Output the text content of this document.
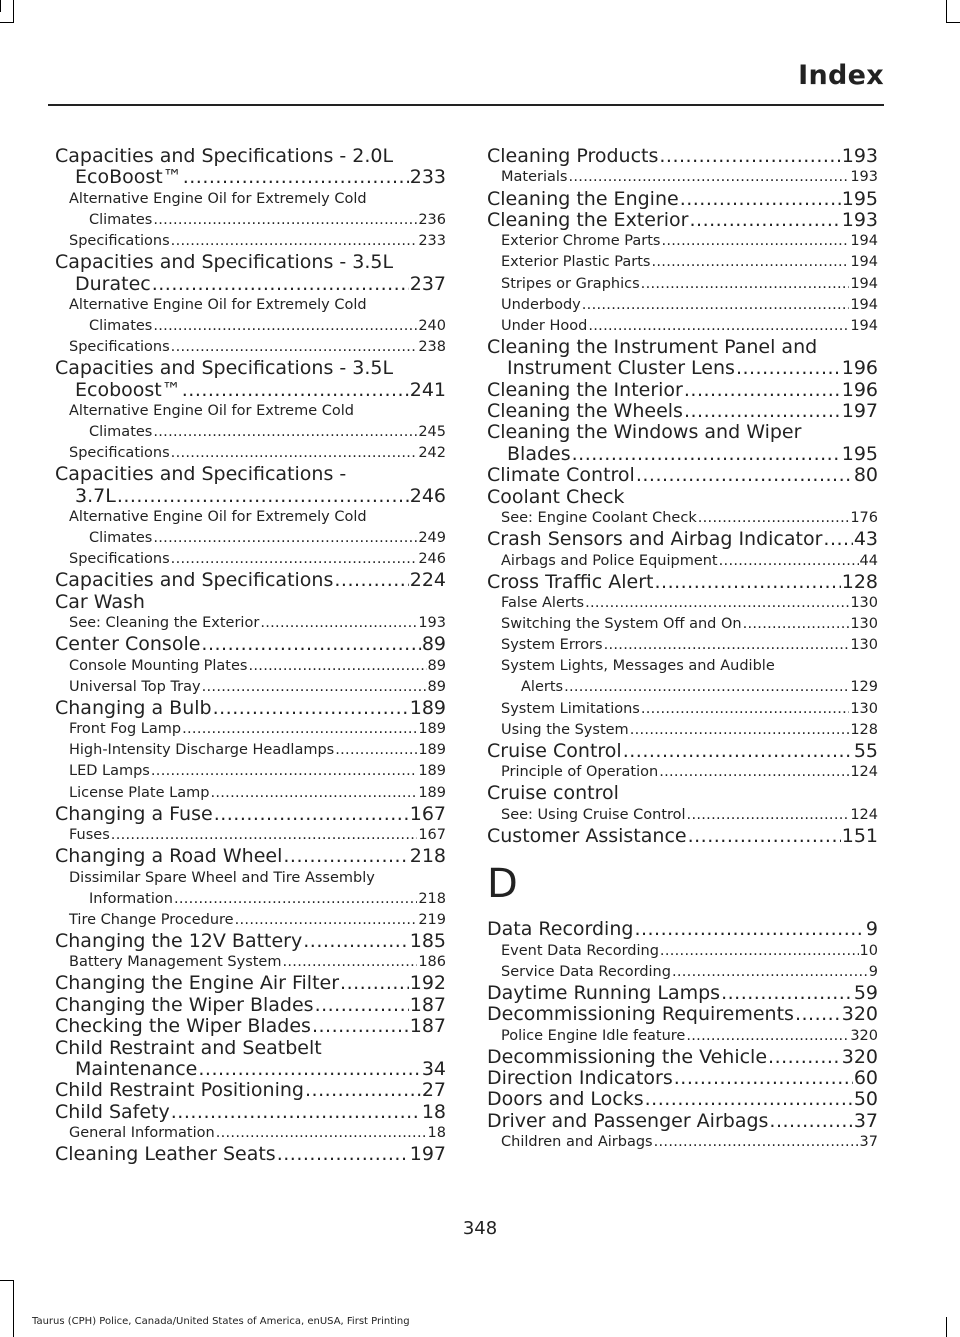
Index
Capacities and Specifications - 2.0L
EcoBoost™ .....	233
Alternative Engine Oil for Extremely Cold
Climates .....	236
Specifications .....	233
Capacities and Specifications - 3.5L
Duratec .....	237
Alternative Engine Oil for Extremely Cold
Climates .....	240
Specifications .....	238
Capacities and Specifications - 3.5L
Ecoboost™ .....	241
Alternative Engine Oil for Extreme Cold
Climates .....	245
Specifications .....	242
Capacities and Specifications -
3.7L .....	246
Alternative Engine Oil for Extremely Cold
Climates .....	249
Specifications .....	246
Capacities and Specifications .....	224
Car Wash
See: Cleaning the Exterior .....	193
Center Console .....	89
Console Mounting Plates .....	89
Universal Top Tray .....	89
Changing a Bulb .....	189
Front Fog Lamp .....	189
High-Intensity Discharge Headlamps .....	189
LED Lamps .....	189
License Plate Lamp .....	189
Changing a Fuse .....	167
Fuses .....	167
Changing a Road Wheel .....	218
Dissimilar Spare Wheel and Tire Assembly
Information .....	218
Tire Change Procedure .....	219
Changing the 12V Battery .....	185
Battery Management System .....	186
Changing the Engine Air Filter .....	192
Changing the Wiper Blades .....	187
Checking the Wiper Blades .....	187
Child Restraint and Seatbelt
Maintenance .....	34
Child Restraint Positioning .....	27
Child Safety .....	18
General Information .....	18
Cleaning Leather Seats .....	197
Cleaning Products .....	193
Materials .....	193
Cleaning the Engine .....	195
Cleaning the Exterior .....	193
Exterior Chrome Parts .....	194
Exterior Plastic Parts .....	194
Stripes or Graphics .....	194
Underbody .....	194
Under Hood .....	194
Cleaning the Instrument Panel and
Instrument Cluster Lens .....	196
Cleaning the Interior .....	196
Cleaning the Wheels .....	197
Cleaning the Windows and Wiper
Blades .....	195
Climate Control .....	80
Coolant Check
See: Engine Coolant Check .....	176
Crash Sensors and Airbag Indicator ..... 43
Airbags and Police Equipment .....	44
Cross Traffic Alert .....	128
False Alerts .....	130
Switching the System Off and On .....	130
System Errors .....	130
System Lights, Messages and Audible
Alerts .....	129
System Limitations .....	130
Using the System .....	128
Cruise Control .....	55
Principle of Operation .....	124
Cruise control
See: Using Cruise Control .....	124
Customer Assistance .....	151
D
Data Recording .....	9
Event Data Recording .....	10
Service Data Recording .....	9
Daytime Running Lamps .....	59
Decommissioning Requirements .....	320
Police Engine Idle feature .....	320
Decommissioning the Vehicle .....	320
Direction Indicators .....	60
Doors and Locks .....	50
Driver and Passenger Airbags .....	37
Children and Airbags .....	37
348
Taurus (CPH) Police, Canada/United States of America, enUSA, First Printing
